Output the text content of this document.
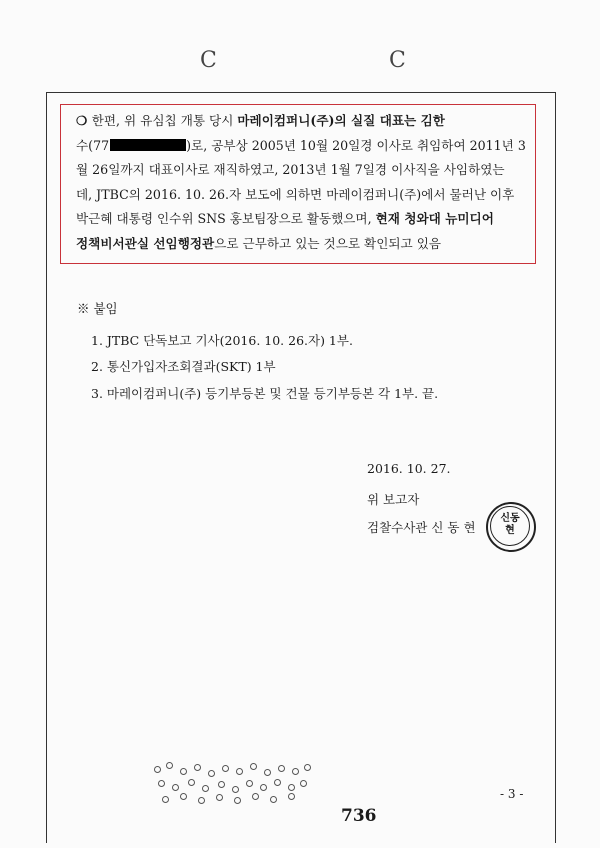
C	C
❍ 한편, 위 유심칩 개통 당시 마레이컴퍼니(주)의 실질 대표는 김한
수(77	)로, 공부상 2005년 10월 20일경 이사로 취임하여 2011년 3
월 26일까지 대표이사로 재직하였고, 2013년 1월 7일경 이사직을 사임하였는
데, JTBC의 2016. 10. 26.자 보도에 의하면 마레이컴퍼니(주)에서 물러난 이후
박근혜 대통령 인수위 SNS 홍보팀장으로 활동했으며, 현재 청와대 뉴미디어
정책비서관실 선임행정관으로 근무하고 있는 것으로 확인되고 있음
※ 붙임
1. JTBC 단독보고 기사(2016. 10. 26.자) 1부.
2. 통신가입자조회결과(SKT) 1부
3. 마레이컴퍼니(주) 등기부등본 및 건물 등기부등본 각 1부. 끝.
2016. 10. 27.
위 보고자
검찰수사관 신 동 현
신동현
- 3 -
736
